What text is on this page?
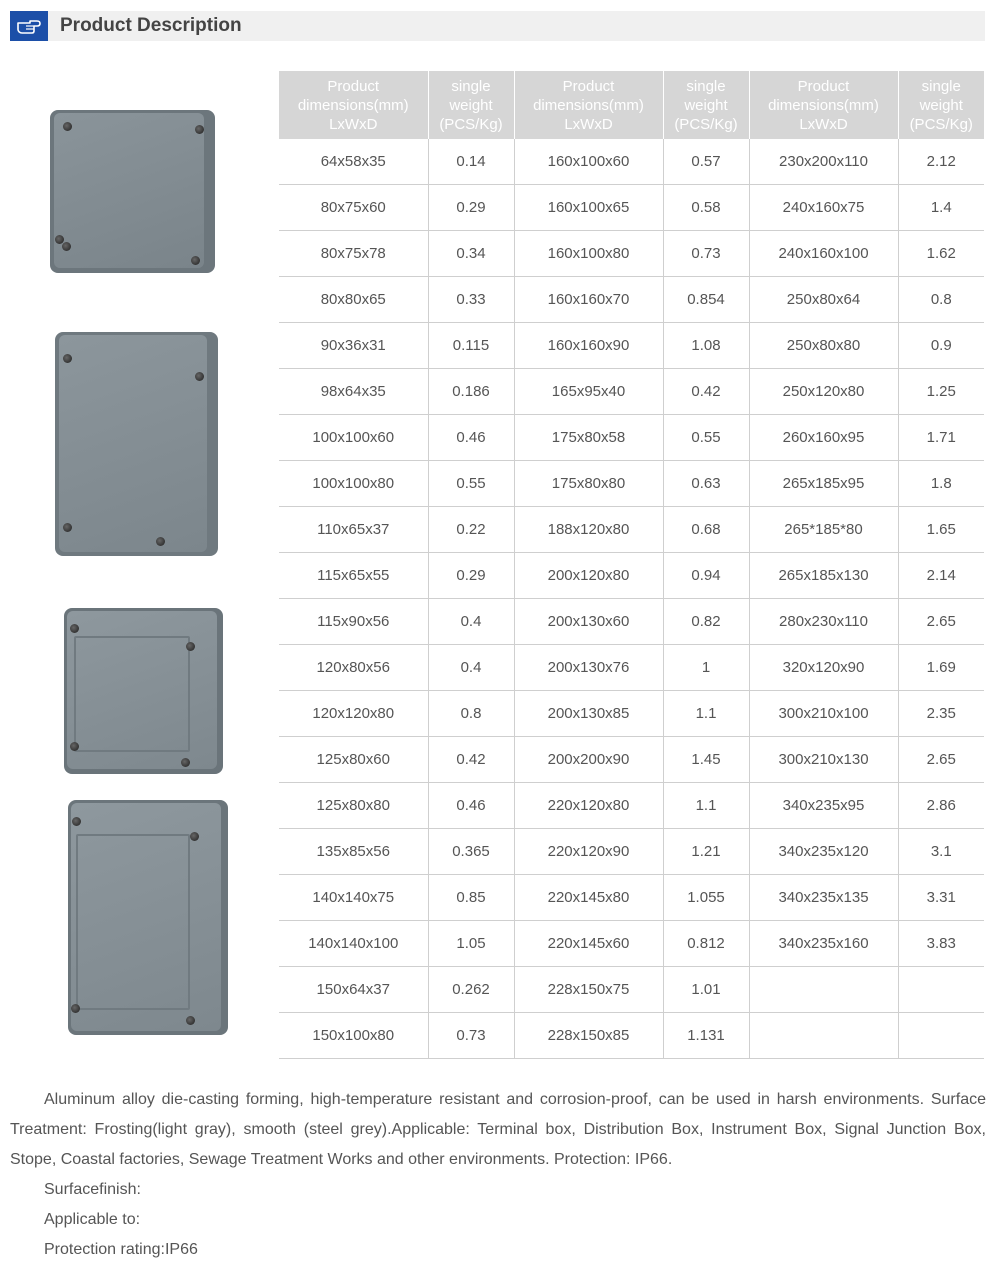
Product Description
Product dimensions(mm) LxWxD	single weight (PCS/Kg)	Product dimensions(mm) LxWxD	single weight (PCS/Kg)	Product dimensions(mm) LxWxD	single weight (PCS/Kg)
64x58x35	0.14	160x100x60	0.57	230x200x110	2.12
80x75x60	0.29	160x100x65	0.58	240x160x75	1.4
80x75x78	0.34	160x100x80	0.73	240x160x100	1.62
80x80x65	0.33	160x160x70	0.854	250x80x64	0.8
90x36x31	0.115	160x160x90	1.08	250x80x80	0.9
98x64x35	0.186	165x95x40	0.42	250x120x80	1.25
100x100x60	0.46	175x80x58	0.55	260x160x95	1.71
100x100x80	0.55	175x80x80	0.63	265x185x95	1.8
110x65x37	0.22	188x120x80	0.68	265*185*80	1.65
115x65x55	0.29	200x120x80	0.94	265x185x130	2.14
115x90x56	0.4	200x130x60	0.82	280x230x110	2.65
120x80x56	0.4	200x130x76	1	320x120x90	1.69
120x120x80	0.8	200x130x85	1.1	300x210x100	2.35
125x80x60	0.42	200x200x90	1.45	300x210x130	2.65
125x80x80	0.46	220x120x80	1.1	340x235x95	2.86
135x85x56	0.365	220x120x90	1.21	340x235x120	3.1
140x140x75	0.85	220x145x80	1.055	340x235x135	3.31
140x140x100	1.05	220x145x60	0.812	340x235x160	3.83
150x64x37	0.262	228x150x75	1.01		
150x100x80	0.73	228x150x85	1.131		

Aluminum alloy die-casting forming, high-temperature resistant and corrosion-proof, can be used in harsh environments. Surface Treatment: Frosting(light gray), smooth (steel grey).Applicable: Terminal box, Distribution Box, Instrument Box, Signal Junction Box, Stope, Coastal factories, Sewage Treatment Works and other environments. Protection: IP66.

Surfacefinish:

Applicable to:

Protection rating:IP66
